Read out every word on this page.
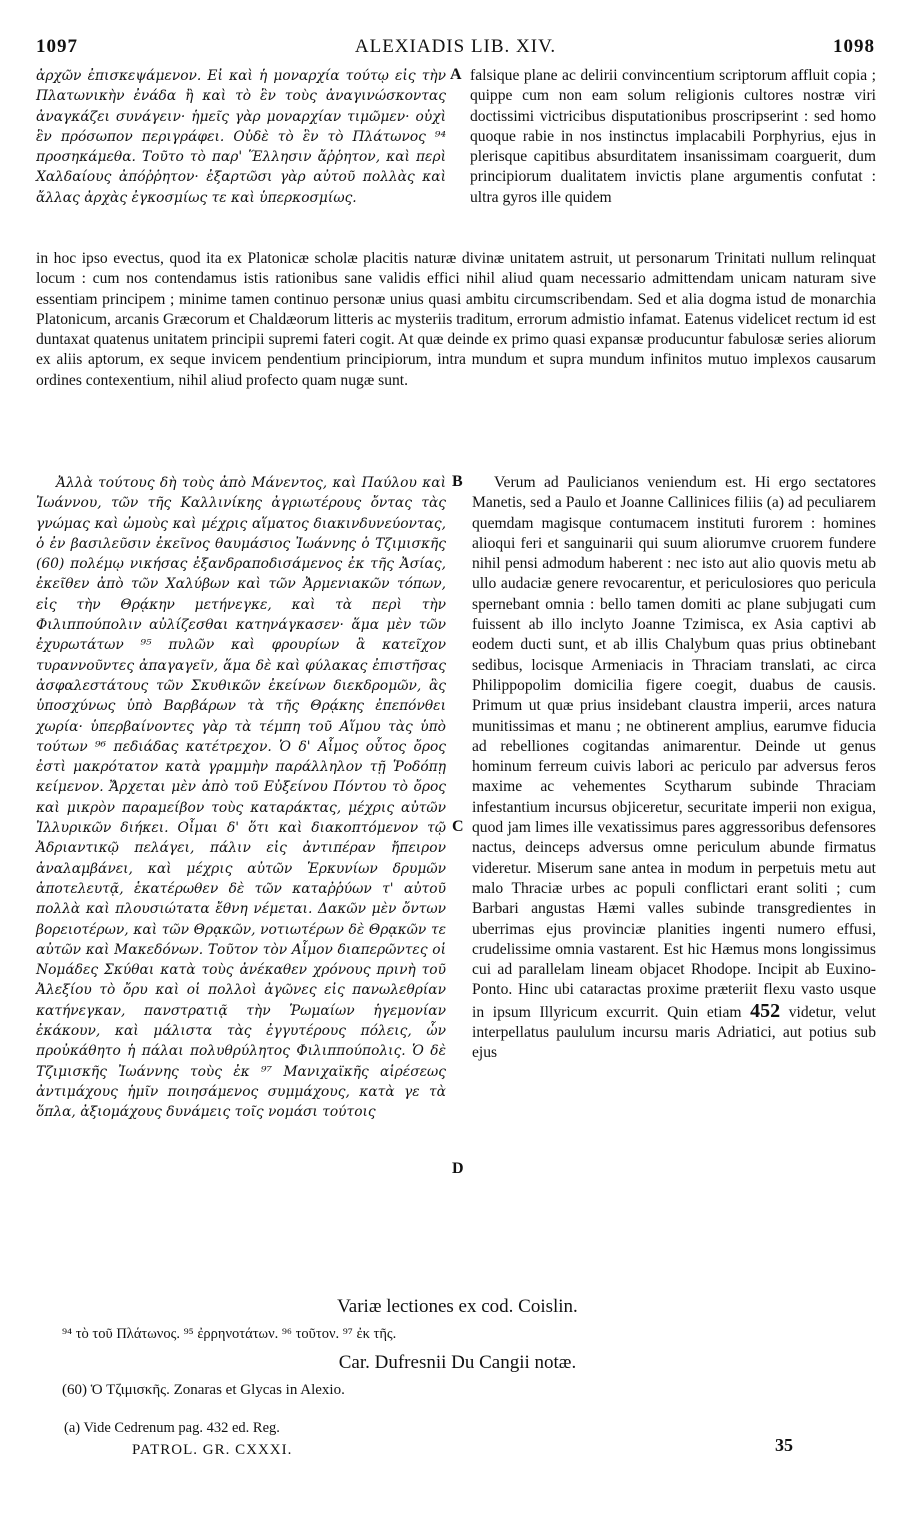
1097	ALEXIADIS LIB. XIV.	1098

ἀρχῶν ἐπισκεψάμενον. Εἰ καὶ ἡ μοναρχία τούτῳ εἰς τὴν Πλατωνικὴν ἐνάδα ἢ καὶ τὸ ἓν τοὺς ἀναγινώσκοντας ἀναγκάζει συνάγειν· ἡμεῖς γὰρ μοναρχίαν τιμῶμεν· οὐχὶ ἓν πρόσωπον περιγράφει. Οὐδὲ τὸ ἓν τὸ Πλάτωνος ⁹⁴ προσηκάμεθα. Τοῦτο τὸ παρ' Ἕλλησιν ἄῤῥητον, καὶ περὶ Χαλδαίους ἀπόῤῥητον· ἐξαρτῶσι γὰρ αὐτοῦ πολλὰς καὶ ἄλλας ἀρχὰς ἐγκοσμίως τε καὶ ὑπερκοσμίως.

A falsique plane ac delirii convincentium scriptorum affluit copia ; quippe cum non eam solum religionis cultores nostræ viri doctissimi victricibus disputationibus proscripserint : sed homo quoque rabie in nos instinctus implacabili Porphyrius, ejus in plerisque capitibus absurditatem insanissimam coarguerit, dum principiorum dualitatem invictis plane argumentis confutat : ultra gyros ille quidem

in hoc ipso evectus, quod ita ex Platonicæ scholæ placitis naturæ divinæ unitatem astruit, ut personarum Trinitati nullum relinquat locum : cum nos contendamus istis rationibus sane validis effici nihil aliud quam necessario admittendam unicam naturam sive essentiam principem ; minime tamen continuo personæ unius quasi ambitu circumscribendam. Sed et alia dogma istud de monarchia Platonicum, arcanis Græcorum et Chaldæorum litteris ac mysteriis traditum, errorum admistio infamat. Eatenus videlicet rectum id est duntaxat quatenus unitatem principii supremi fateri cogit. At quæ deinde ex primo quasi expansæ producuntur fabulosæ series aliorum ex aliis aptorum, ex seque invicem pendentium principiorum, intra mundum et supra mundum infinitos mutuo implexos causarum ordines contexentium, nihil aliud profecto quam nugæ sunt.

Ἀλλὰ τούτους δὴ τοὺς ἀπὸ Μάνεντος, καὶ Παύλου καὶ Ἰωάννου, τῶν τῆς Καλλινίκης ἀγριωτέρους ὄντας τὰς γνώμας καὶ ὠμοὺς καὶ μέχρις αἵματος διακινδυνεύοντας, ὁ ἐν βασιλεῦσιν ἐκεῖνος θαυμάσιος Ἰωάννης ὁ Τζιμισκῆς (60) πολέμῳ νικήσας ἐξανδραποδισάμενος ἐκ τῆς Ἀσίας, ἐκεῖθεν ἀπὸ τῶν Χαλύβων καὶ τῶν Ἀρμενιακῶν τόπων, εἰς τὴν Θρᾴκην μετήνεγκε, καὶ τὰ περὶ τὴν Φιλιππούπολιν αὐλίζεσθαι κατηνάγκασεν· ἅμα μὲν τῶν ἐχυρωτάτων ⁹⁵ πυλῶν καὶ φρουρίων ἃ κατεῖχον τυραννοῦντες ἀπαγαγεῖν, ἅμα δὲ καὶ φύλακας ἐπιστῆσας ἀσφαλεστάτους τῶν Σκυθικῶν ἐκείνων διεκδρομῶν, ἃς ὑποσχύνως ὑπὸ Βαρβάρων τὰ τῆς Θρᾴκης ἐπεπόνθει χωρία· ὑπερβαίνοντες γὰρ τὰ τέμπη τοῦ Αἵμου τὰς ὑπὸ τούτων ⁹⁶ πεδιάδας κατέτρεχον. Ὁ δ' Αἷμος οὗτος ὄρος ἐστὶ μακρότατον κατὰ γραμμὴν παράλληλον τῇ Ῥοδόπῃ κείμενον. Ἄρχεται μὲν ἀπὸ τοῦ Εὐξείνου Πόντου τὸ ὄρος καὶ μικρὸν παραμείβον τοὺς καταράκτας, μέχρις αὐτῶν Ἰλλυρικῶν διήκει. Οἶμαι δ' ὅτι καὶ διακοπτόμενον τῷ Ἀδριαντικῷ πελάγει, πάλιν εἰς ἀντιπέραν ἤπειρον ἀναλαμβάνει, καὶ μέχρις αὐτῶν Ἑρκυνίων δρυμῶν ἀποτελευτᾷ, ἑκατέρωθεν δὲ τῶν καταῤῥύων τ' αὐτοῦ πολλὰ καὶ πλουσιώτατα ἔθνη νέμεται. Δακῶν μὲν ὄντων βορειοτέρων, καὶ τῶν Θρᾳκῶν, νοτιωτέρων δὲ Θρᾳκῶν τε αὐτῶν καὶ Μακεδόνων. Τοῦτον τὸν Αἷμον διαπερῶντες οἱ Νομάδες Σκύθαι κατὰ τοὺς ἀνέκαθεν χρόνους πρινὴ τοῦ Ἀλεξίου τὸ ὄρυ καὶ οἱ πολλοὶ ἀγῶνες εἰς πανωλεθρίαν κατήνεγκαν, πανστρατιᾷ τὴν Ῥωμαίων ἡγεμονίαν ἐκάκουν, καὶ μάλιστα τὰς ἐγγυτέρους πόλεις, ὧν προὐκάθητο ἡ πάλαι πολυθρύλητος Φιλιππούπολις. Ὁ δὲ Τζιμισκῆς Ἰωάννης τοὺς ἐκ ⁹⁷ Μανιχαϊκῆς αἱρέσεως ἀντιμάχους ἡμῖν ποιησάμενος συμμάχους, κατὰ γε τὰ ὅπλα, ἀξιομάχους δυνάμεις τοῖς νομάσι τούτοις

B
C
D

Verum ad Paulicianos veniendum est. Hi ergo sectatores Manetis, sed a Paulo et Joanne Callinices filiis (a) ad peculiarem quemdam magisque contumacem instituti furorem : homines alioqui feri et sanguinarii qui suum aliorumve cruorem fundere nihil pensi admodum haberent : nec isto aut alio quovis metu ab ullo audaciæ genere revocarentur, et periculosiores quo pericula spernebant omnia : bello tamen domiti ac plane subjugati cum fuissent ab illo inclyto Joanne Tzimisca, ex Asia captivi ab eodem ducti sunt, et ab illis Chalybum quas prius obtinebant sedibus, locisque Armeniacis in Thraciam translati, ac circa Philippopolim domicilia figere coegit, duabus de causis. Primum ut quæ prius insidebant claustra imperii, arces natura munitissimas et manu ; ne obtinerent amplius, earumve fiducia ad rebelliones cogitandas animarentur. Deinde ut genus hominum ferreum cuivis labori ac periculo par adversus feros maxime ac vehementes Scytharum subinde Thraciam infestantium incursus objiceretur, securitate imperii non exigua, quod jam limes ille vexatissimus pares aggressoribus defensores nactus, deinceps adversus omne periculum abunde firmatus videretur. Miserum sane antea in modum in perpetuis metu aut malo Thraciæ urbes ac populi conflictari erant soliti ; cum Barbari angustas Hæmi valles subinde transgredientes in uberrimas ejus provinciæ planities ingenti numero effusi, crudelissime omnia vastarent. Est hic Hæmus mons longissimus cui ad parallelam lineam objacet Rhodope. Incipit ab Euxino-Ponto. Hinc ubi cataractas proxime præteriit flexu vasto usque in ipsum Illyricum excurrit. Quin etiam 452 videtur, velut interpellatus paululum incursu maris Adriatici, aut potius sub ejus

Variæ lectiones ex cod. Coislin.
⁹⁴ τὸ τοῦ Πλάτωνος. ⁹⁵ ἐρρηνοτάτων. ⁹⁶ τοῦτον. ⁹⁷ ἐκ τῆς.
Car. Dufresnii Du Cangii notæ.
(60) Ὁ Τζιμισκῆς. Zonaras et Glycas in Alexio.
(a) Vide Cedrenum pag. 432 ed. Reg.
PATROL. GR. CXXXI.	35
